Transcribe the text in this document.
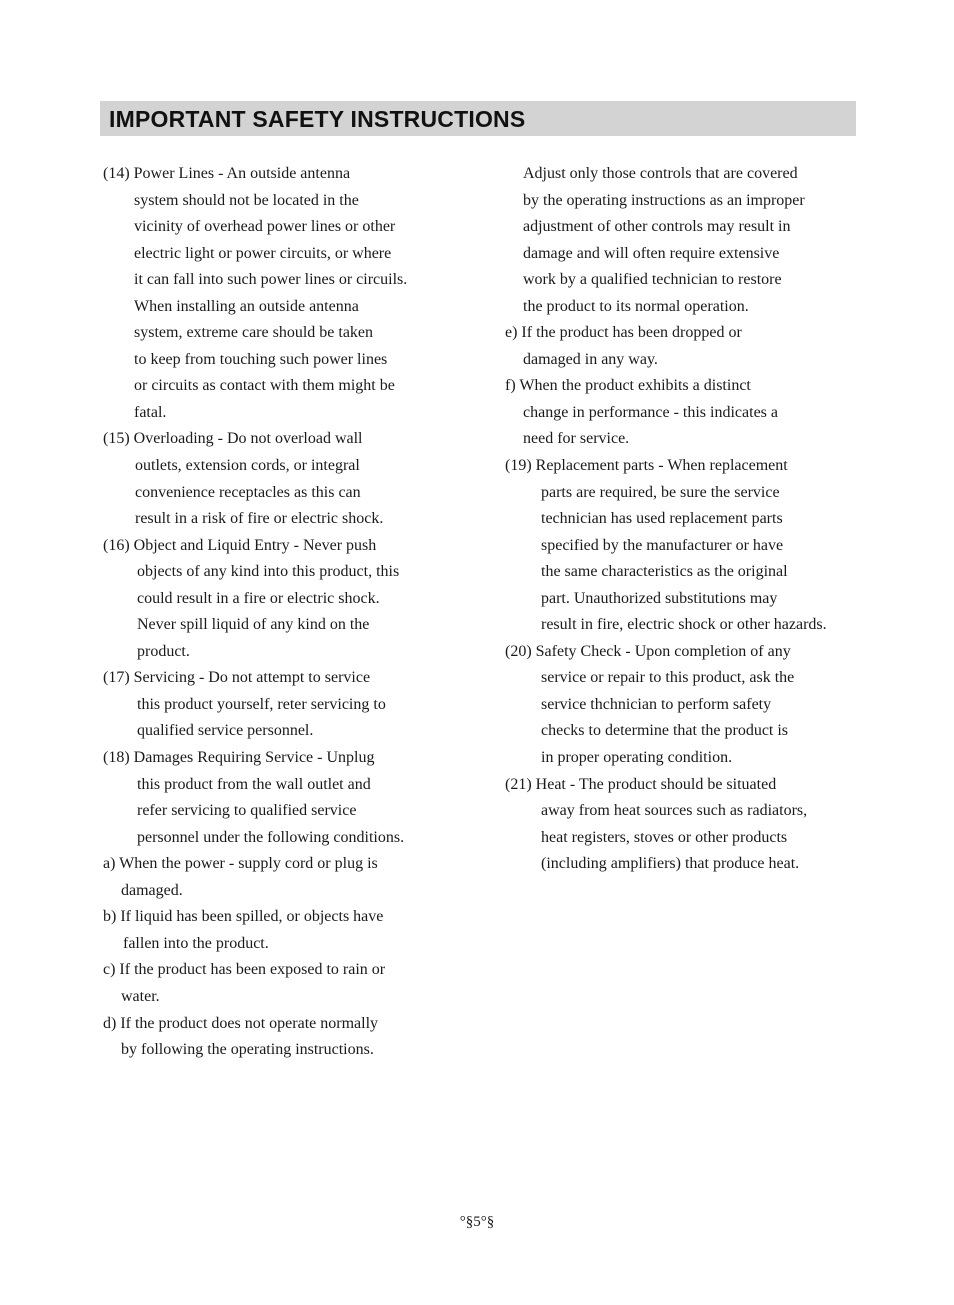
IMPORTANT SAFETY INSTRUCTIONS
(14) Power Lines - An outside antenna
system should not be located in the
vicinity of overhead power lines or other
electric light or power circuits, or where
it can fall into such power lines or circuils.
When installing an outside antenna
system, extreme care should be taken
to keep from touching such power lines
or circuits as contact with them might be
fatal.
(15) Overloading - Do not overload wall
outlets, extension cords, or integral
convenience receptacles as this can
result in a risk of fire or electric shock.
(16) Object and Liquid Entry - Never push
objects of any kind into this product, this
could result in a fire or electric shock.
Never spill liquid of any kind on the
product.
(17) Servicing - Do not attempt to service
this product yourself, reter servicing to
qualified service personnel.
(18) Damages Requiring Service - Unplug
this product from the wall outlet and
refer servicing to qualified service
personnel under the following conditions.
a) When the power - supply cord or plug is
damaged.
b) If liquid has been spilled, or objects have
fallen into the product.
c) If the product has been exposed to rain or
water.
d) If the product does not operate normally
by following the operating instructions.
Adjust only those controls that are covered
by the operating instructions as an improper
adjustment of other controls may result in
damage and will often require extensive
work by a qualified technician to restore
the product to its normal operation.
e) If the product has been dropped or
damaged in any way.
f) When the product exhibits a distinct
change in performance - this indicates a
need for service.
(19) Replacement parts - When replacement
parts are required, be sure the service
technician has used replacement parts
specified by the manufacturer or have
the same characteristics as the original
part. Unauthorized substitutions may
result in fire, electric shock or other hazards.
(20) Safety Check - Upon completion of any
service or repair to this product, ask the
service thchnician to perform safety
checks to determine that the product is
in proper operating condition.
(21) Heat - The product should be situated
away from heat sources such as radiators,
heat registers, stoves or other products
(including amplifiers) that produce heat.
°§5°§
